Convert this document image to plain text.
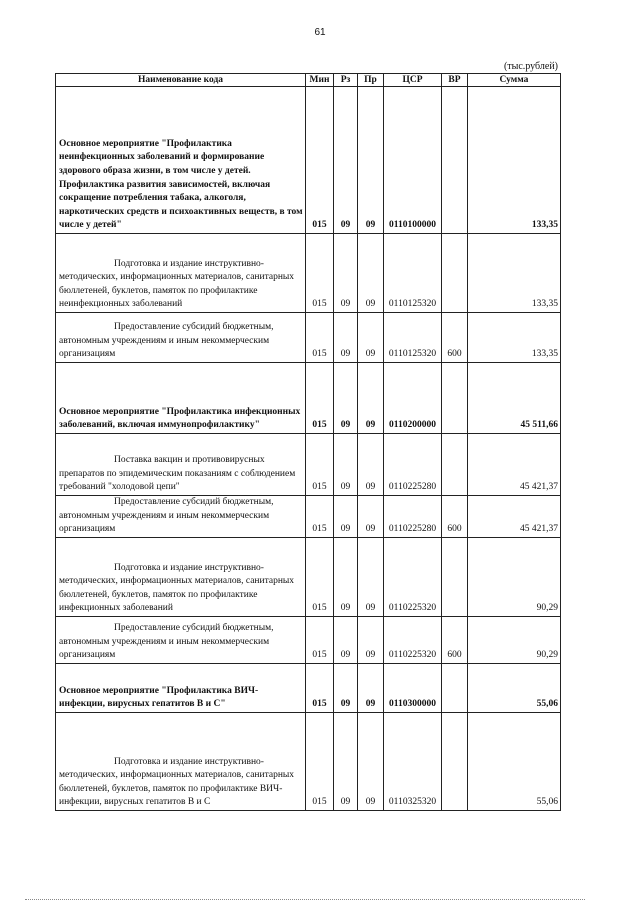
61
(тыс.рублей)
Наименование кода	Мин	Рз	Пр	ЦСР	ВР	Сумма
Основное мероприятие "Профилактика неинфекционных заболеваний и формирование здорового образа жизни, в том числе у детей. Профилактика развития зависимостей, включая сокращение потребления табака, алкоголя, наркотических средств и психоактивных веществ, в том числе у детей"	015	09	09	0110100000		133,35
Подготовка и издание инструктивно-методических, информационных материалов, санитарных бюллетеней, буклетов, памяток по профилактике неинфекционных заболеваний	015	09	09	0110125320		133,35
Предоставление субсидий бюджетным, автономным учреждениям и иным некоммерческим организациям	015	09	09	0110125320	600	133,35
Основное мероприятие "Профилактика инфекционных заболеваний, включая иммунопрофилактику"	015	09	09	0110200000		45 511,66
Поставка вакцин и противовирусных препаратов по эпидемическим показаниям с соблюдением требований "холодовой цепи"	015	09	09	0110225280		45 421,37
Предоставление субсидий бюджетным, автономным учреждениям и иным некоммерческим организациям	015	09	09	0110225280	600	45 421,37
Подготовка и издание инструктивно-методических, информационных материалов, санитарных бюллетеней, буклетов, памяток по профилактике инфекционных заболеваний	015	09	09	0110225320		90,29
Предоставление субсидий бюджетным, автономным учреждениям и иным некоммерческим организациям	015	09	09	0110225320	600	90,29
Основное мероприятие "Профилактика ВИЧ-инфекции, вирусных гепатитов В и С"	015	09	09	0110300000		55,06
Подготовка и издание инструктивно-методических, информационных материалов, санитарных бюллетеней, буклетов, памяток по профилактике ВИЧ-инфекции, вирусных гепатитов В и С	015	09	09	0110325320		55,06
